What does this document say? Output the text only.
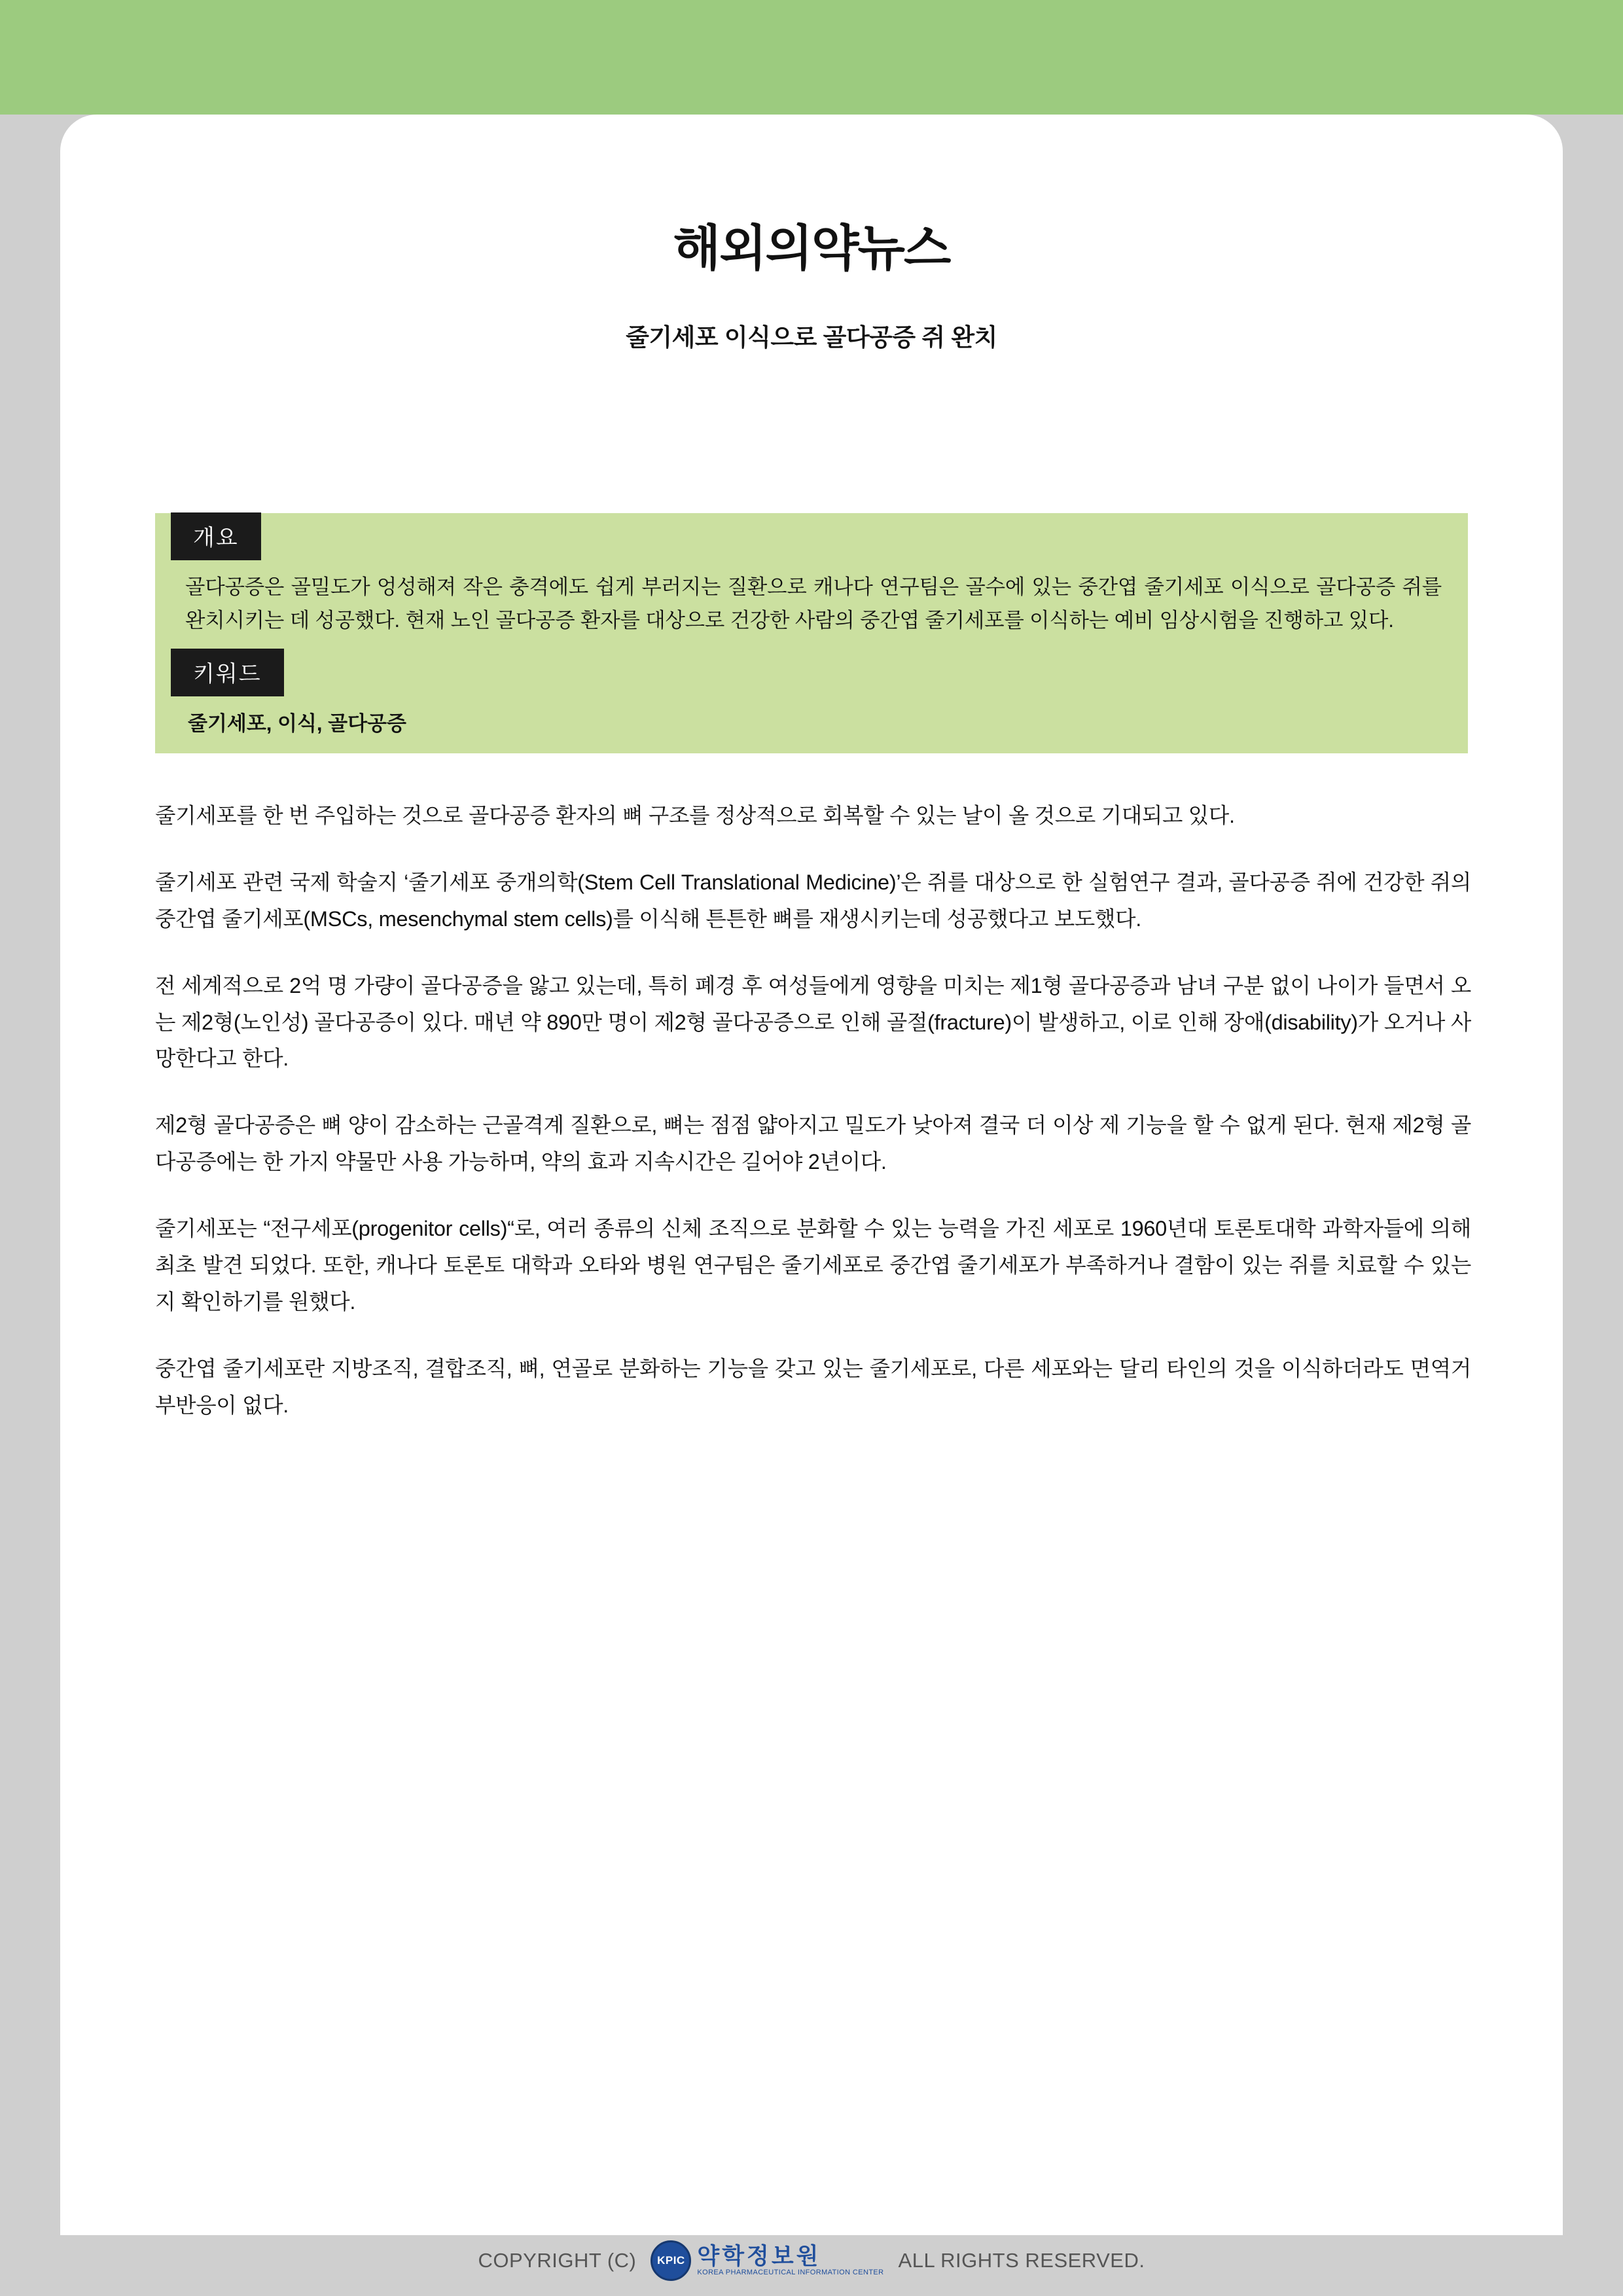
해외의약뉴스
줄기세포 이식으로 골다공증 쥐 완치
개요

골다공증은 골밀도가 엉성해져 작은 충격에도 쉽게 부러지는 질환으로 캐나다 연구팀은 골수에 있는 중간엽 줄기세포 이식으로 골다공증 쥐를 완치시키는 데 성공했다. 현재 노인 골다공증 환자를 대상으로 건강한 사람의 중간엽 줄기세포를 이식하는 예비 임상시험을 진행하고 있다.

키워드

줄기세포, 이식, 골다공증

줄기세포를 한 번 주입하는 것으로 골다공증 환자의 뼈 구조를 정상적으로 회복할 수 있는 날이 올 것으로 기대되고 있다.

줄기세포 관련 국제 학술지 ‘줄기세포 중개의학(Stem Cell Translational Medicine)’은 쥐를 대상으로 한 실험연구 결과, 골다공증 쥐에 건강한 쥐의 중간엽 줄기세포(MSCs, mesenchymal stem cells)를 이식해 튼튼한 뼈를 재생시키는데 성공했다고 보도했다.

전 세계적으로 2억 명 가량이 골다공증을 앓고 있는데, 특히 폐경 후 여성들에게 영향을 미치는 제1형 골다공증과 남녀 구분 없이 나이가 들면서 오는 제2형(노인성) 골다공증이 있다. 매년 약 890만 명이 제2형 골다공증으로 인해 골절(fracture)이 발생하고, 이로 인해 장애(disability)가 오거나 사망한다고 한다.

제2형 골다공증은 뼈 양이 감소하는 근골격계 질환으로, 뼈는 점점 얇아지고 밀도가 낮아져 결국 더 이상 제 기능을 할 수 없게 된다. 현재 제2형 골다공증에는 한 가지 약물만 사용 가능하며, 약의 효과 지속시간은 길어야 2년이다.

줄기세포는 “전구세포(progenitor cells)“로, 여러 종류의 신체 조직으로 분화할 수 있는 능력을 가진 세포로 1960년대 토론토대학 과학자들에 의해 최초 발견 되었다. 또한, 캐나다 토론토 대학과 오타와 병원 연구팀은 줄기세포로 중간엽 줄기세포가 부족하거나 결함이 있는 쥐를 치료할 수 있는지 확인하기를 원했다.

중간엽 줄기세포란 지방조직, 결합조직, 뼈, 연골로 분화하는 기능을 갖고 있는 줄기세포로, 다른 세포와는 달리 타인의 것을 이식하더라도 면역거부반응이 없다.

COPYRIGHT (C)	KPIC 약학정보원
KOREA PHARMACEUTICAL INFORMATION CENTER
ALL RIGHTS RESERVED.
